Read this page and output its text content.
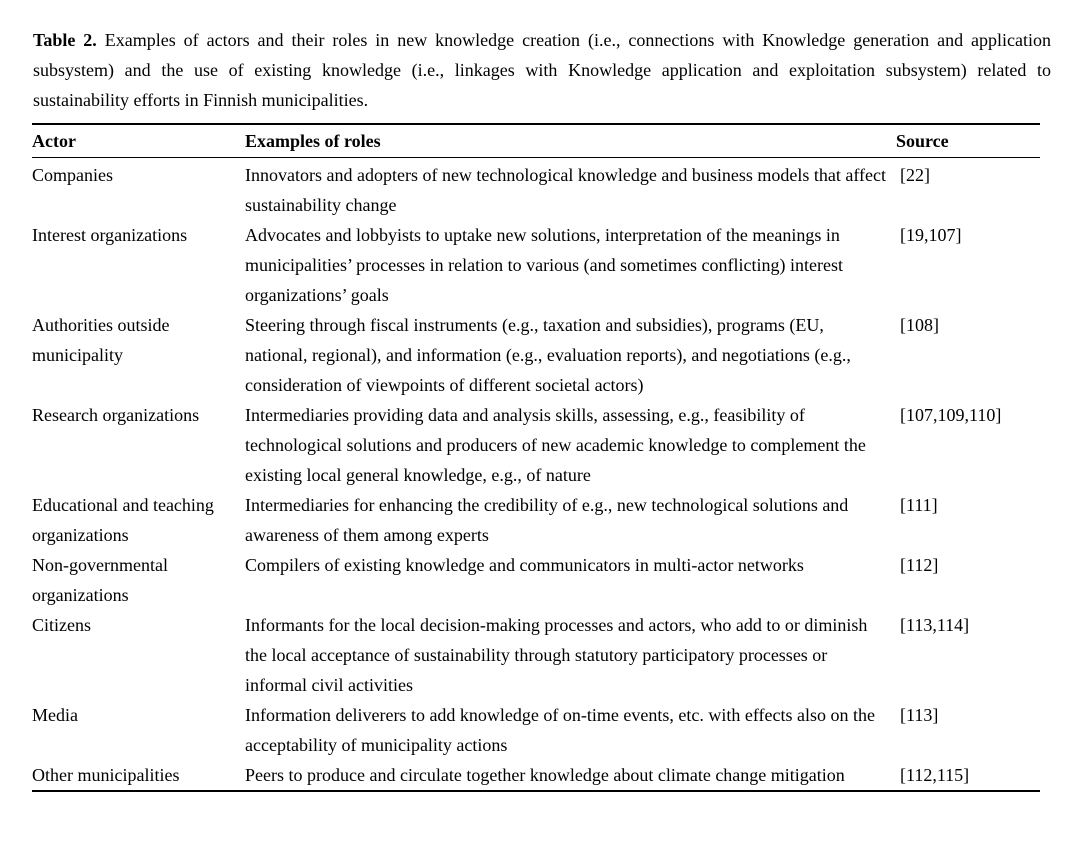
Table 2. Examples of actors and their roles in new knowledge creation (i.e., connections with Knowledge generation and application subsystem) and the use of existing knowledge (i.e., linkages with Knowledge application and exploitation subsystem) related to sustainability efforts in Finnish municipalities.
Actor	Examples of roles	Source
Companies	Innovators and adopters of new technological knowledge and business models that affect sustainability change	[22]
Interest organizations	Advocates and lobbyists to uptake new solutions, interpretation of the meanings in municipalities’ processes in relation to various (and sometimes conflicting) interest organizations’ goals	[19,107]
Authorities outside municipality	Steering through fiscal instruments (e.g., taxation and subsidies), programs (EU, national, regional), and information (e.g., evaluation reports), and negotiations (e.g., consideration of viewpoints of different societal actors)	[108]
Research organizations	Intermediaries providing data and analysis skills, assessing, e.g., feasibility of technological solutions and producers of new academic knowledge to complement the existing local general knowledge, e.g., of nature	[107,109,110]
Educational and teaching organizations	Intermediaries for enhancing the credibility of e.g., new technological solutions and awareness of them among experts	[111]
Non-governmental organizations	Compilers of existing knowledge and communicators in multi-actor networks	[112]
Citizens	Informants for the local decision-making processes and actors, who add to or diminish the local acceptance of sustainability through statutory participatory processes or informal civil activities	[113,114]
Media	Information deliverers to add knowledge of on-time events, etc. with effects also on the acceptability of municipality actions	[113]
Other municipalities	Peers to produce and circulate together knowledge about climate change mitigation	[112,115]
